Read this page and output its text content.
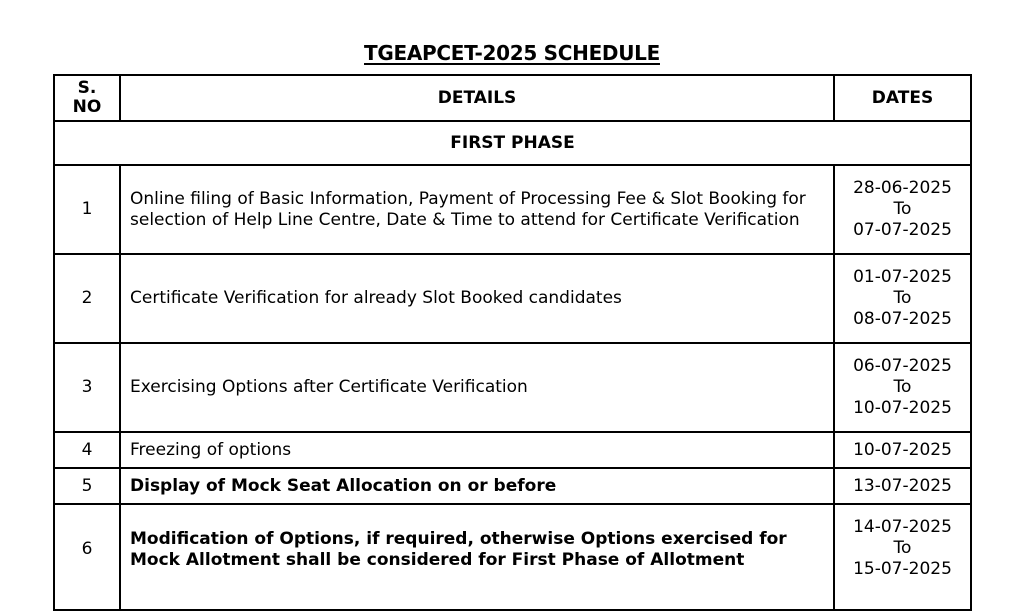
TGEAPCET-2025 SCHEDULE
S.
NO	DETAILS	DATES
FIRST PHASE		
1	Online filing of Basic Information, Payment of Processing Fee & Slot Booking for selection of Help Line Centre, Date & Time to attend for Certificate Verification	28-06-2025
To
07-07-2025

2	Certificate Verification for already Slot Booked candidates	01-07-2025
To
08-07-2025

3	Exercising Options after Certificate Verification	06-07-2025
To
10-07-2025

4	Freezing of options	10-07-2025
5	Display of Mock Seat Allocation on or before	13-07-2025
6	Modification of Options, if required, otherwise Options exercised for Mock Allotment shall be considered for First Phase of Allotment	14-07-2025
To
15-07-2025
